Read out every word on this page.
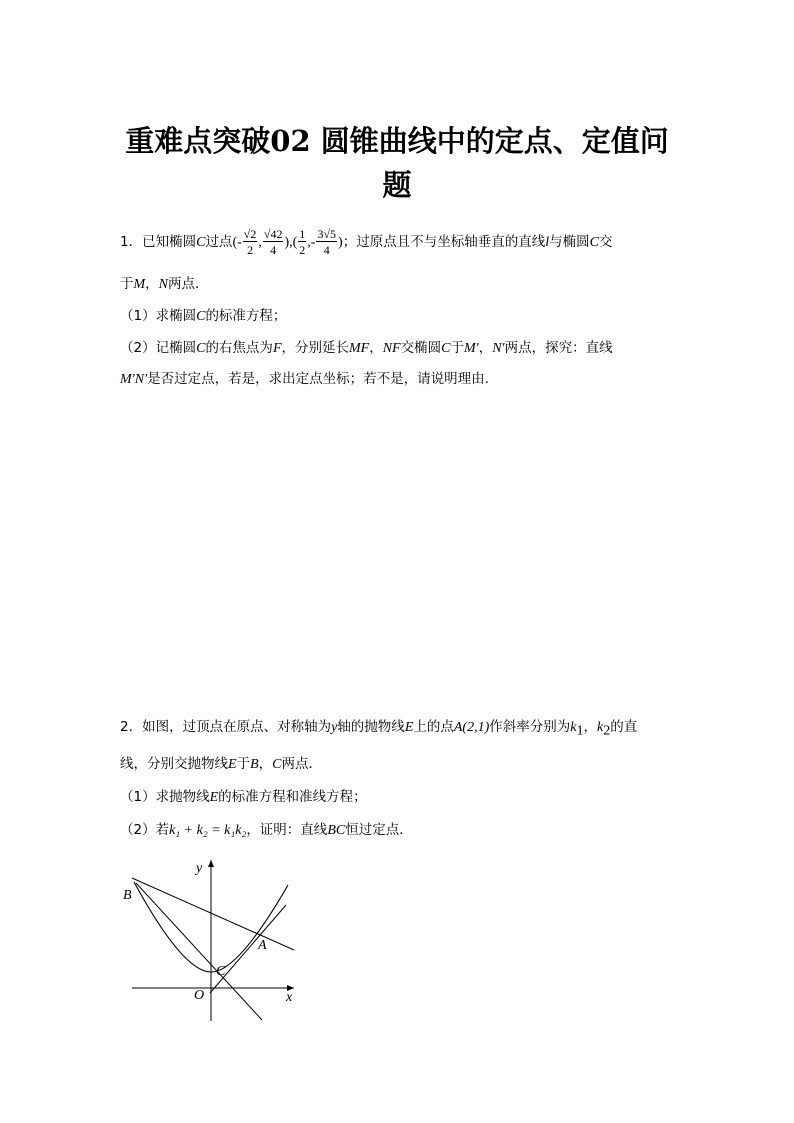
重难点突破02 圆锥曲线中的定点、定值问
题
1．已知椭圆C过点(- $\frac{√2}{2}$ , $\frac{√42}{4}$ ),( $\frac{1}{2}$ ,- $\frac{3√5}{4}$ )；过原点且不与坐标轴垂直的直线l与椭圆C交
于M，N两点．
（1）求椭圆C的标准方程；
（2）记椭圆C的右焦点为F，分别延长MF，NF交椭圆C于M′，N′两点，探究：直线
M′N′是否过定点，若是，求出定点坐标；若不是，请说明理由．
2．如图，过顶点在原点、对称轴为y轴的抛物线E上的点A(2,1)作斜率分别为$k_1$，$k_2$的直
线，分别交抛物线E于B，C两点．
（1）求抛物线E的标准方程和准线方程；
（2）若k₁ + k₂ = k₁k₂，证明：直线BC恒过定点．
B
A
C
O	x
y
